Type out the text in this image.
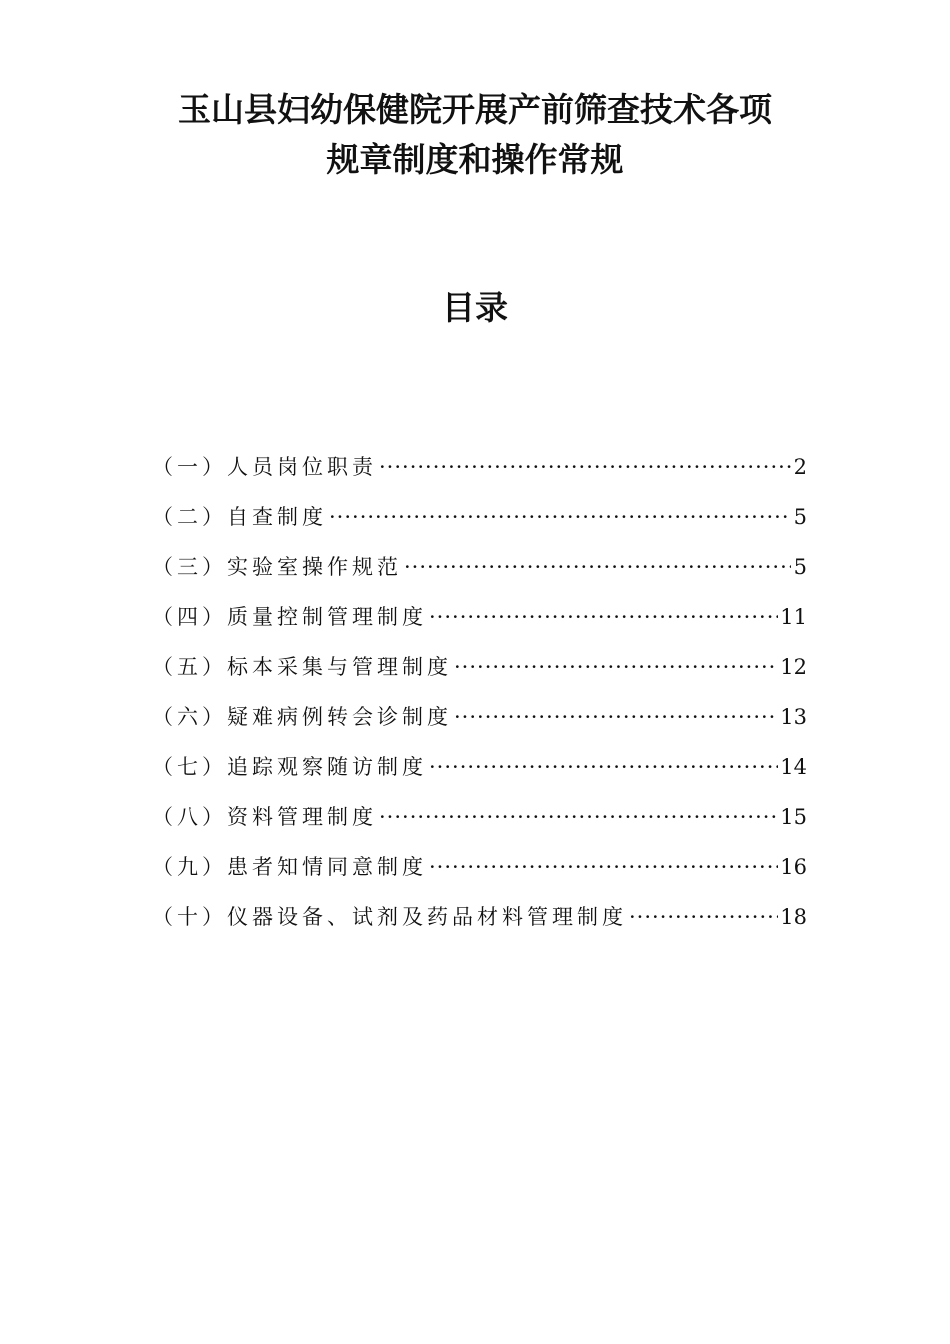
玉山县妇幼保健院开展产前筛查技术各项
规章制度和操作常规
目录
（一）人员岗位职责 ·····	2
（二）自查制度 ·····	5
（三）实验室操作规范 ·····	5
（四）质量控制管理制度 ·····	11
（五）标本采集与管理制度 ·····	12
（六）疑难病例转会诊制度 ·····	13
（七）追踪观察随访制度 ·····	14
（八）资料管理制度 ·····	15
（九）患者知情同意制度 ·····	16
（十）仪器设备、试剂及药品材料管理制度 ·····	18
